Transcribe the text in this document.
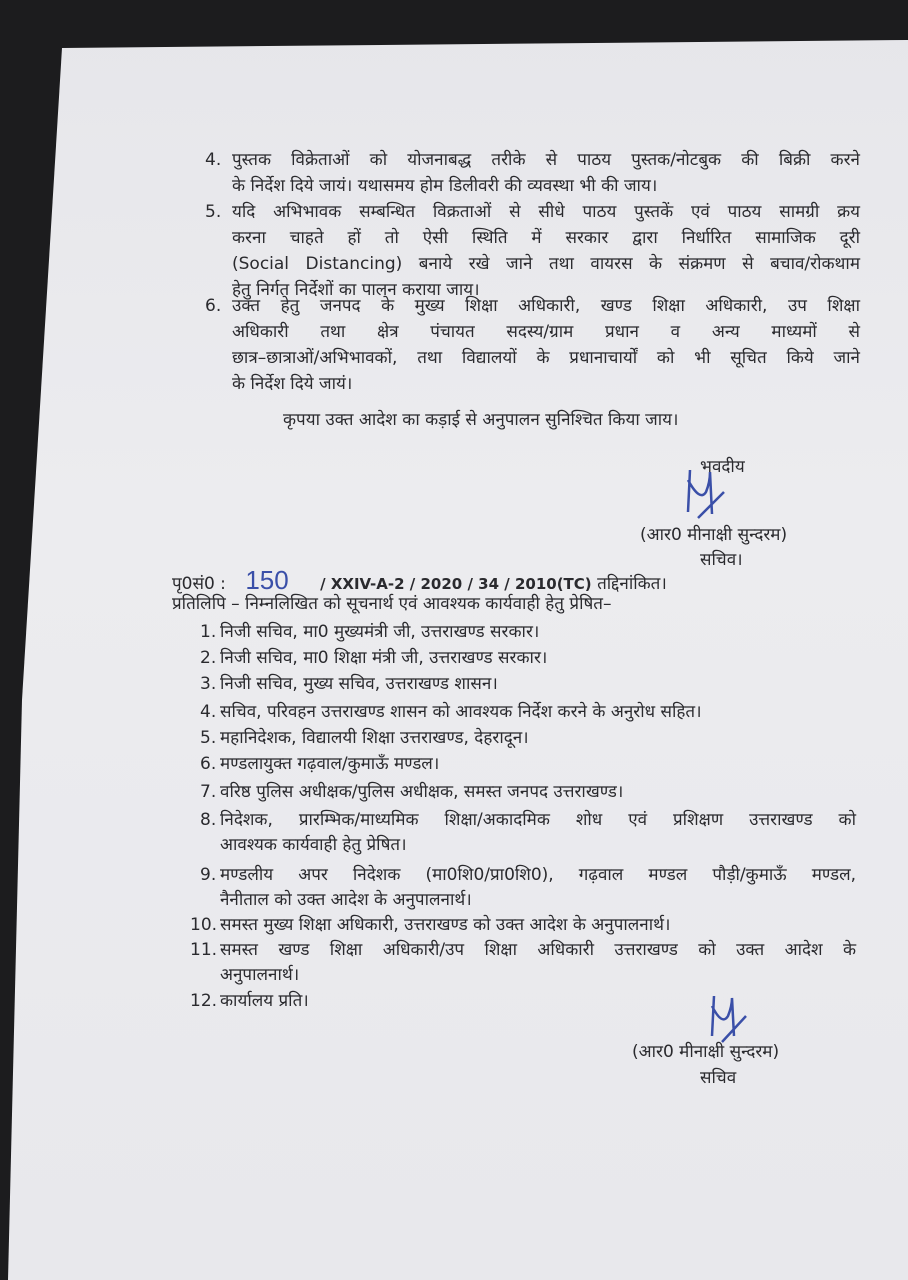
4. पुस्तक विक्रेताओं को योजनाबद्ध तरीके से पाठय पुस्तक/नोटबुक की बिक्री करने
के निर्देश दिये जायं। यथासमय होम डिलीवरी की व्यवस्था भी की जाय।
5. यदि अभिभावक सम्बन्धित विक्रताओं से सीधे पाठय पुस्तकें एवं पाठय सामग्री क्रय
करना चाहते हों तो ऐसी स्थिति में सरकार द्वारा निर्धारित सामाजिक दूरी
(Social Distancing) बनाये रखे जाने तथा वायरस के संक्रमण से बचाव/रोकथाम
हेतु निर्गत निर्देशों का पालन कराया जाय।
6. उक्त हेतु जनपद के मुख्य शिक्षा अधिकारी, खण्ड शिक्षा अधिकारी, उप शिक्षा
अधिकारी तथा क्षेत्र पंचायत सदस्य/ग्राम प्रधान व अन्य माध्यमों से
छात्र–छात्राओं/अभिभावकों, तथा विद्यालयों के प्रधानाचार्यों को भी सूचित किये जाने
के निर्देश दिये जायं।
1. निजी सचिव, मा0 मुख्यमंत्री जी, उत्तराखण्ड सरकार।
2. निजी सचिव, मा0 शिक्षा मंत्री जी, उत्तराखण्ड सरकार।
3. निजी सचिव, मुख्य सचिव, उत्तराखण्ड शासन।
4. सचिव, परिवहन उत्तराखण्ड शासन को आवश्यक निर्देश करने के अनुरोध सहित।
5. महानिदेशक, विद्यालयी शिक्षा उत्तराखण्ड, देहरादून।
6. मण्डलायुक्त गढ़वाल/कुमाऊँ मण्डल।
7. वरिष्ठ पुलिस अधीक्षक/पुलिस अधीक्षक, समस्त जनपद उत्तराखण्ड।
8. निदेशक, प्रारम्भिक/माध्यमिक शिक्षा/अकादमिक शोध एवं प्रशिक्षण उत्तराखण्ड को
आवश्यक कार्यवाही हेतु प्रेषित।
9. मण्डलीय अपर निदेशक (मा0शि0/प्रा0शि0), गढ़वाल मण्डल पौड़ी/कुमाऊँ मण्डल,
नैनीताल को उक्त आदेश के अनुपालनार्थ।
10. समस्त मुख्य शिक्षा अधिकारी, उत्तराखण्ड को उक्त आदेश के अनुपालनार्थ।
11. समस्त खण्ड शिक्षा अधिकारी/उप शिक्षा अधिकारी उत्तराखण्ड को उक्त आदेश के
अनुपालनार्थ।
12. कार्यालय प्रति।
कृपया उक्त आदेश का कड़ाई से अनुपालन सुनिश्चित किया जाय।
भवदीय
(आर0 मीनाक्षी सुन्दरम)
सचिव।
पृ0सं0 : 150 / XXIV-A-2 / 2020 / 34 / 2010(TC) तद्दिनांकित।
प्रतिलिपि – निम्नलिखित को सूचनार्थ एवं आवश्यक कार्यवाही हेतु प्रेषित–
(आर0 मीनाक्षी सुन्दरम)
सचिव
